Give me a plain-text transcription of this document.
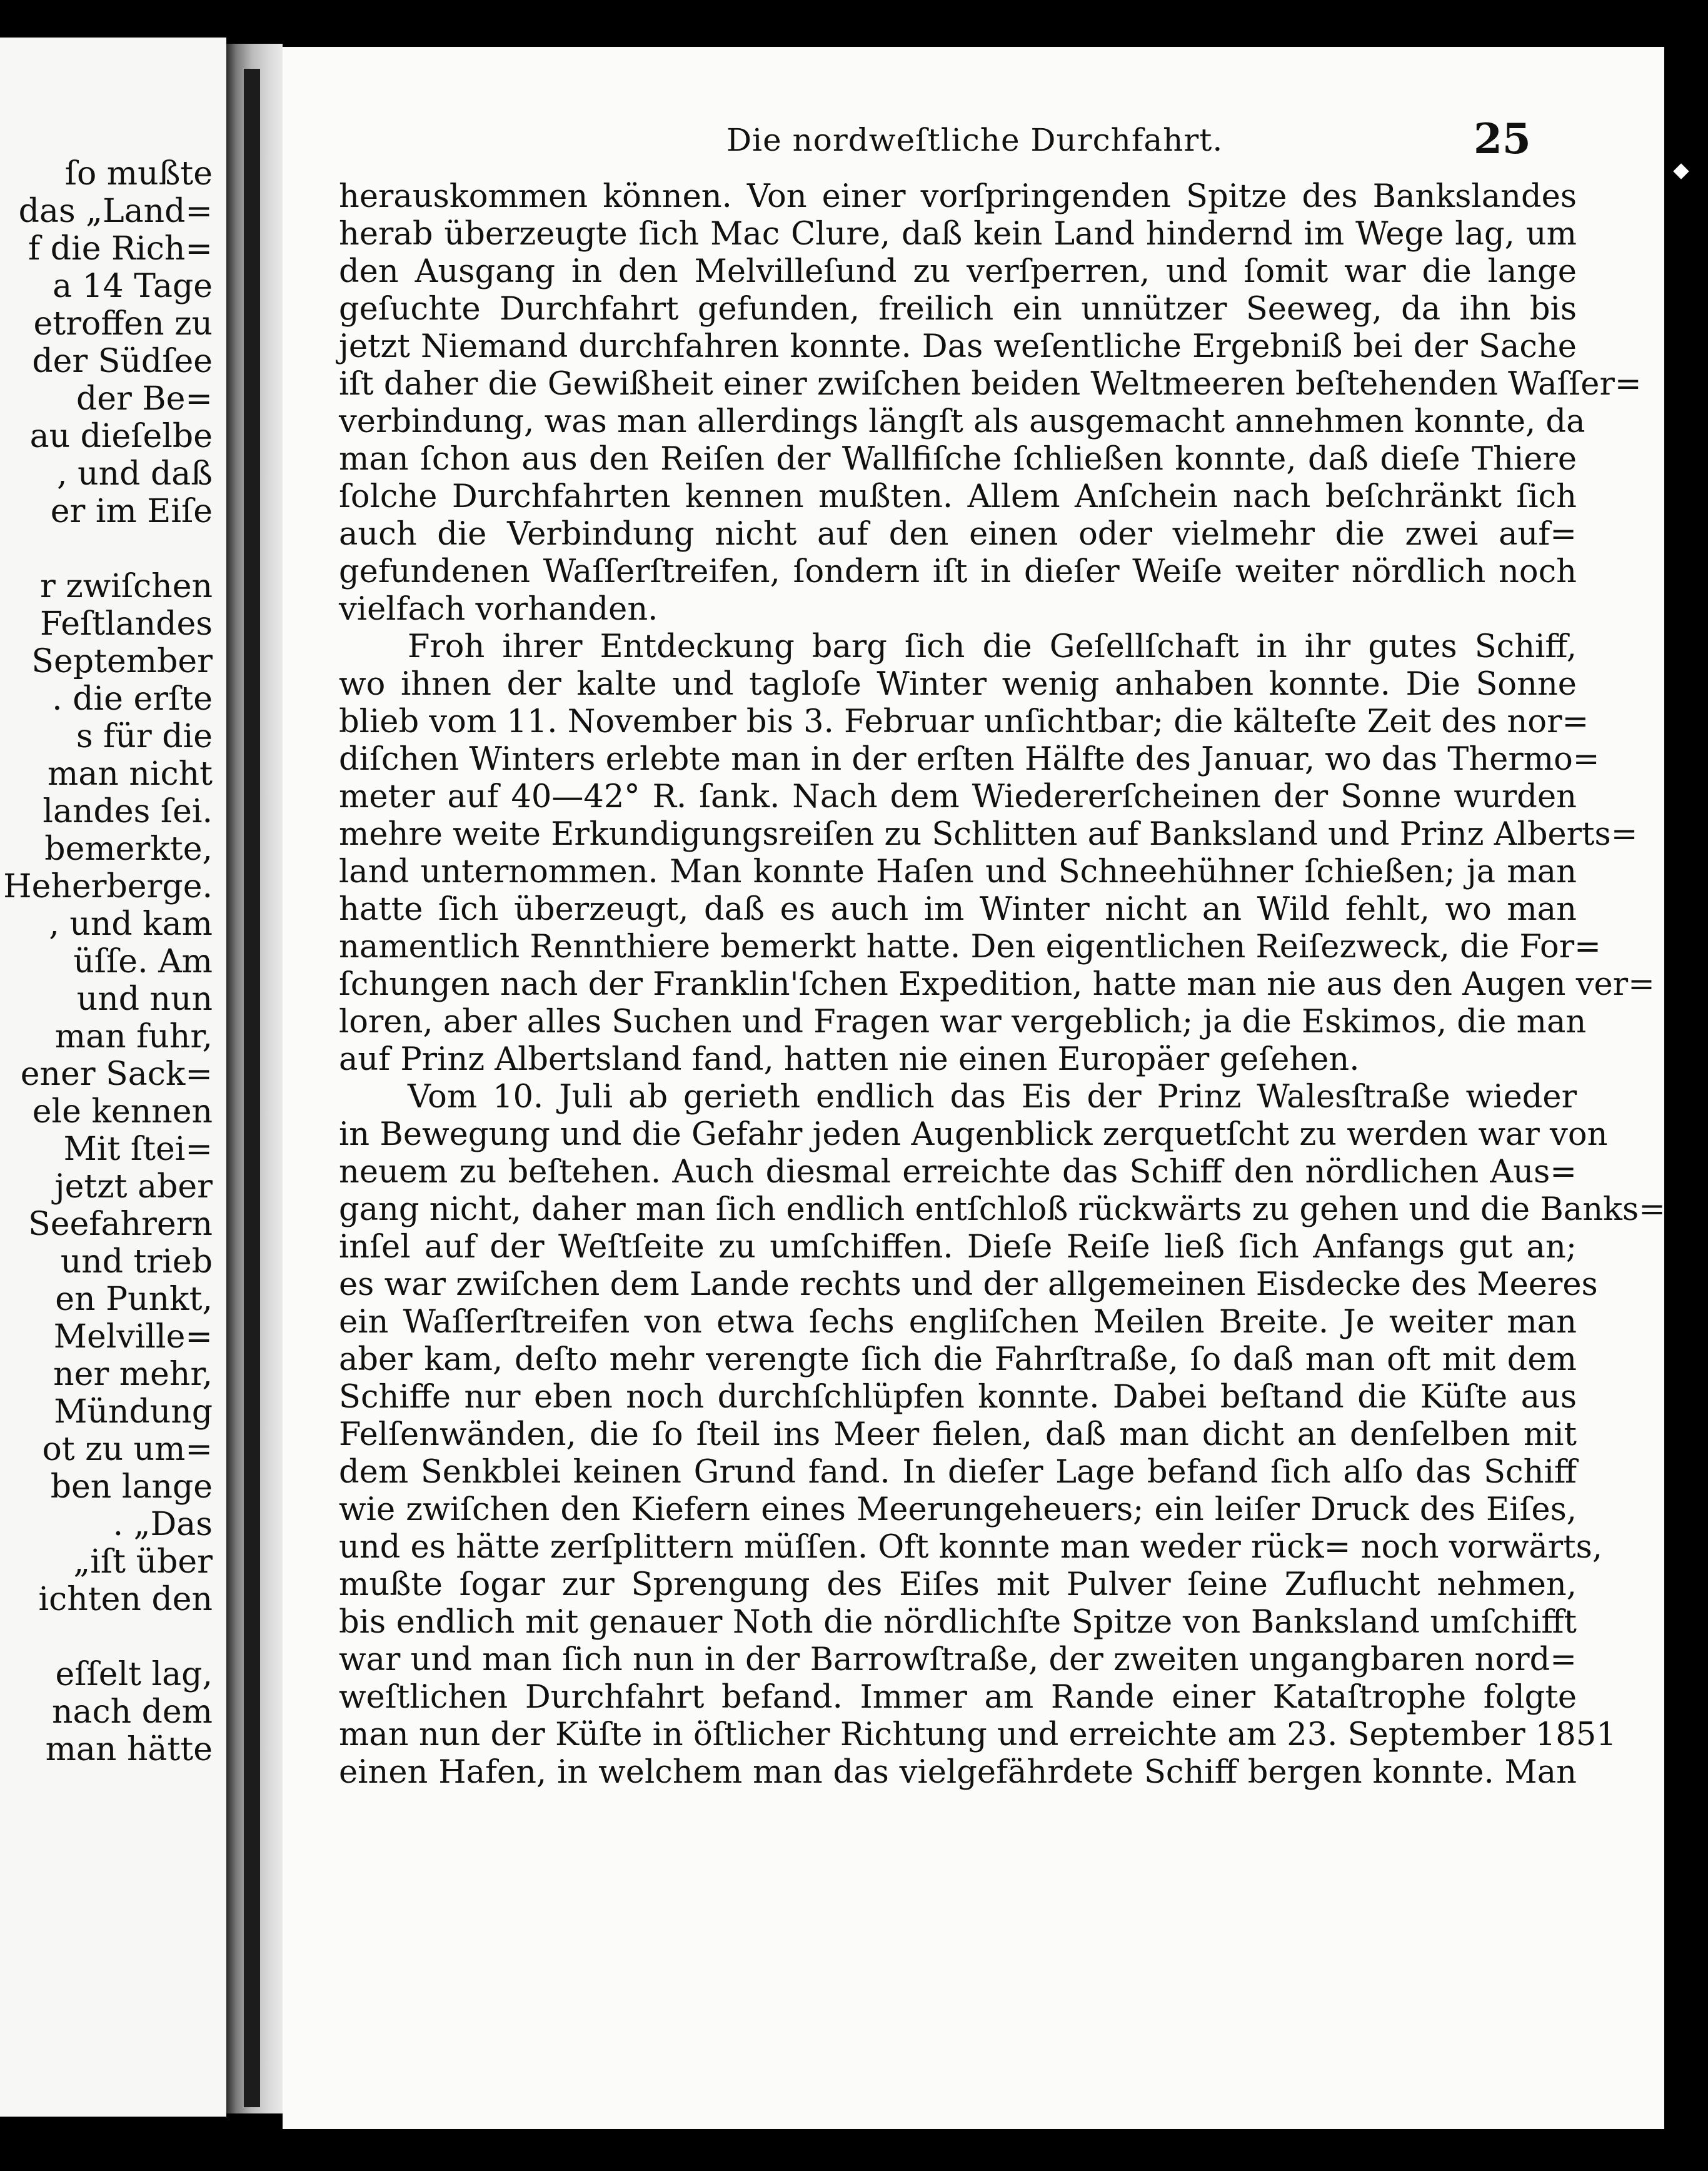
ſo mußte
das „Land=
f die Rich=
a 14 Tage
etroffen zu
der Südſee
der Be=
au dieſelbe
, und daß
er im Eiſe
r zwiſchen
Feſtlandes
September
. die erſte
s für die
man nicht
landes ſei.
bemerkte,
Heherberge.
, und kam
üſſe. Am
und nun
man fuhr,
ener Sack=
ele kennen
Mit ſtei=
jetzt aber
Seefahrern
und trieb
en Punkt,
Melville=
ner mehr,
Mündung
ot zu um=
ben lange
. „Das
„iſt über
ichten den
eſſelt lag,
nach dem
man hätte
Die nordweſtliche Durchfahrt.	25
herauskommen können. Von einer vorſpringenden Spitze des Bankslandes
herab überzeugte ſich Mac Clure, daß kein Land hindernd im Wege lag, um
den Ausgang in den Melvilleſund zu verſperren, und ſomit war die lange
geſuchte Durchfahrt gefunden, freilich ein unnützer Seeweg, da ihn bis
jetzt Niemand durchfahren konnte. Das weſentliche Ergebniß bei der Sache
iſt daher die Gewißheit einer zwiſchen beiden Weltmeeren beſtehenden Waſſer=
verbindung, was man allerdings längſt als ausgemacht annehmen konnte, da
man ſchon aus den Reiſen der Wallfiſche ſchließen konnte, daß dieſe Thiere
ſolche Durchfahrten kennen mußten. Allem Anſchein nach beſchränkt ſich
auch die Verbindung nicht auf den einen oder vielmehr die zwei auf=
gefundenen Waſſerſtreifen, ſondern iſt in dieſer Weiſe weiter nördlich noch
vielfach vorhanden.
Froh ihrer Entdeckung barg ſich die Geſellſchaft in ihr gutes Schiff,
wo ihnen der kalte und tagloſe Winter wenig anhaben konnte. Die Sonne
blieb vom 11. November bis 3. Februar unſichtbar; die kälteſte Zeit des nor=
diſchen Winters erlebte man in der erſten Hälfte des Januar, wo das Thermo=
meter auf 40—42° R. ſank. Nach dem Wiedererſcheinen der Sonne wurden
mehre weite Erkundigungsreiſen zu Schlitten auf Banksland und Prinz Alberts=
land unternommen. Man konnte Haſen und Schneehühner ſchießen; ja man
hatte ſich überzeugt, daß es auch im Winter nicht an Wild fehlt, wo man
namentlich Rennthiere bemerkt hatte. Den eigentlichen Reiſezweck, die For=
ſchungen nach der Franklin'ſchen Expedition, hatte man nie aus den Augen ver=
loren, aber alles Suchen und Fragen war vergeblich; ja die Eskimos, die man
auf Prinz Albertsland fand, hatten nie einen Europäer geſehen.
Vom 10. Juli ab gerieth endlich das Eis der Prinz Walesſtraße wieder
in Bewegung und die Gefahr jeden Augenblick zerquetſcht zu werden war von
neuem zu beſtehen. Auch diesmal erreichte das Schiff den nördlichen Aus=
gang nicht, daher man ſich endlich entſchloß rückwärts zu gehen und die Banks=
inſel auf der Weſtſeite zu umſchiffen. Dieſe Reiſe ließ ſich Anfangs gut an;
es war zwiſchen dem Lande rechts und der allgemeinen Eisdecke des Meeres
ein Waſſerſtreifen von etwa ſechs engliſchen Meilen Breite. Je weiter man
aber kam, deſto mehr verengte ſich die Fahrſtraße, ſo daß man oft mit dem
Schiffe nur eben noch durchſchlüpfen konnte. Dabei beſtand die Küſte aus
Felſenwänden, die ſo ſteil ins Meer fielen, daß man dicht an denſelben mit
dem Senkblei keinen Grund fand. In dieſer Lage befand ſich alſo das Schiff
wie zwiſchen den Kiefern eines Meerungeheuers; ein leiſer Druck des Eiſes,
und es hätte zerſplittern müſſen. Oft konnte man weder rück= noch vorwärts,
mußte ſogar zur Sprengung des Eiſes mit Pulver ſeine Zuflucht nehmen,
bis endlich mit genauer Noth die nördlichſte Spitze von Banksland umſchifft
war und man ſich nun in der Barrowſtraße, der zweiten ungangbaren nord=
weſtlichen Durchfahrt befand. Immer am Rande einer Kataſtrophe folgte
man nun der Küſte in öſtlicher Richtung und erreichte am 23. September 1851
einen Hafen, in welchem man das vielgefährdete Schiff bergen konnte. Man
